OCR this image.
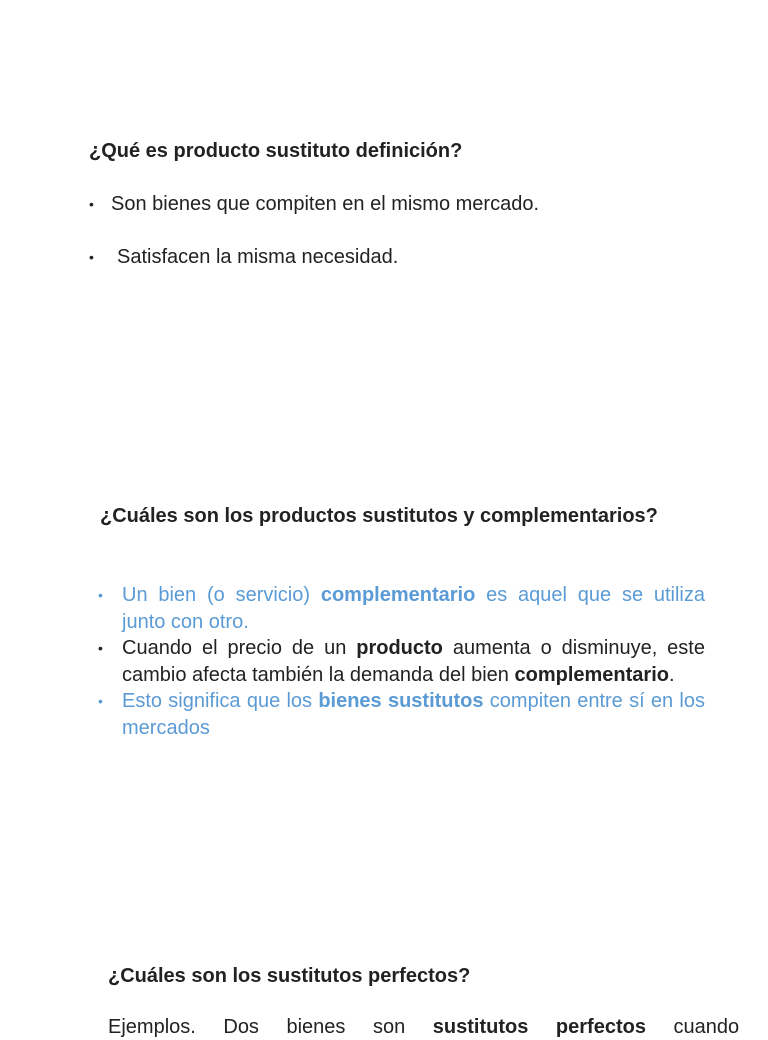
¿Qué es producto sustituto definición?
• Son bienes que compiten en el mismo mercado.
•	Satisfacen la misma necesidad.
¿Cuáles son los productos sustitutos y complementarios?
• Un bien (o servicio) complementario es aquel que se utiliza junto con otro.
• Cuando el precio de un producto aumenta o disminuye, este cambio afecta también la demanda del bien complementario.
• Esto significa que los bienes sustitutos compiten entre sí en los mercados
¿Cuáles son los sustitutos perfectos?
Ejemplos. Dos bienes son sustitutos perfectos cuando
